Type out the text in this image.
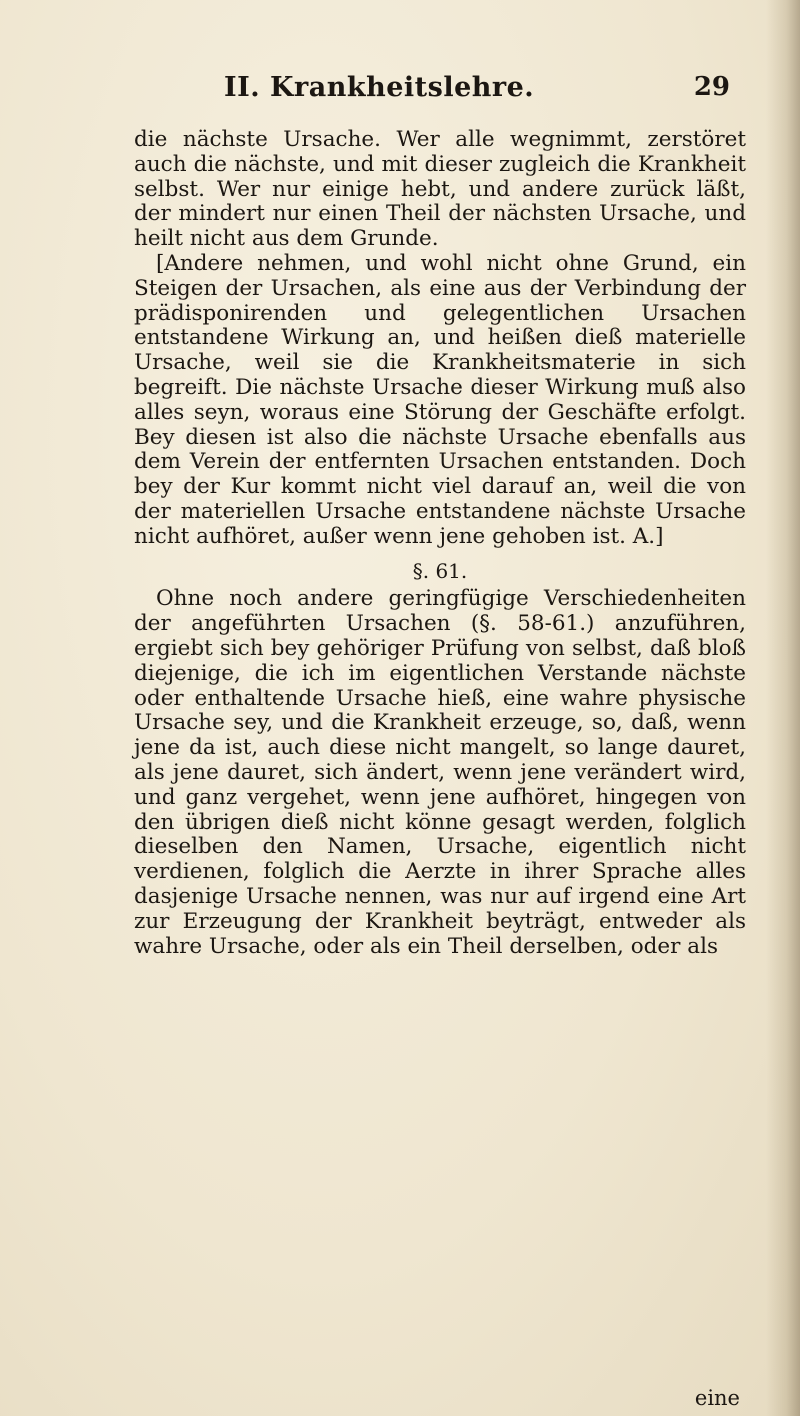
II. Krankheitslehre.	29

die nächste Ursache. Wer alle wegnimmt, zerstöret auch die nächste, und mit dieser zugleich die Krankheit selbst. Wer nur einige hebt, und andere zurück läßt, der mindert nur einen Theil der nächsten Ursache, und heilt nicht aus dem Grunde.

[Andere nehmen, und wohl nicht ohne Grund, ein Steigen der Ursachen, als eine aus der Verbindung der prädisponirenden und gelegentlichen Ursachen entstandene Wirkung an, und heißen dieß materielle Ursache, weil sie die Krankheitsmaterie in sich begreift. Die nächste Ursache dieser Wirkung muß also alles seyn, woraus eine Störung der Geschäfte erfolgt. Bey diesen ist also die nächste Ursache ebenfalls aus dem Verein der entfernten Ursachen entstanden. Doch bey der Kur kommt nicht viel darauf an, weil die von der materiellen Ursache entstandene nächste Ursache nicht aufhöret, außer wenn jene gehoben ist. A.]

§. 61.

Ohne noch andere geringfügige Verschiedenheiten der angeführten Ursachen (§. 58-61.) anzuführen, ergiebt sich bey gehöriger Prüfung von selbst, daß bloß diejenige, die ich im eigentlichen Verstande nächste oder enthaltende Ursache hieß, eine wahre physische Ursache sey, und die Krankheit erzeuge, so, daß, wenn jene da ist, auch diese nicht mangelt, so lange dauret, als jene dauret, sich ändert, wenn jene verändert wird, und ganz vergehet, wenn jene aufhöret, hingegen von den übrigen dieß nicht könne gesagt werden, folglich dieselben den Namen, Ursache, eigentlich nicht verdienen, folglich die Aerzte in ihrer Sprache alles dasjenige Ursache nennen, was nur auf irgend eine Art zur Erzeugung der Krankheit beyträgt, entweder als wahre Ursache, oder als ein Theil derselben, oder als

eine
